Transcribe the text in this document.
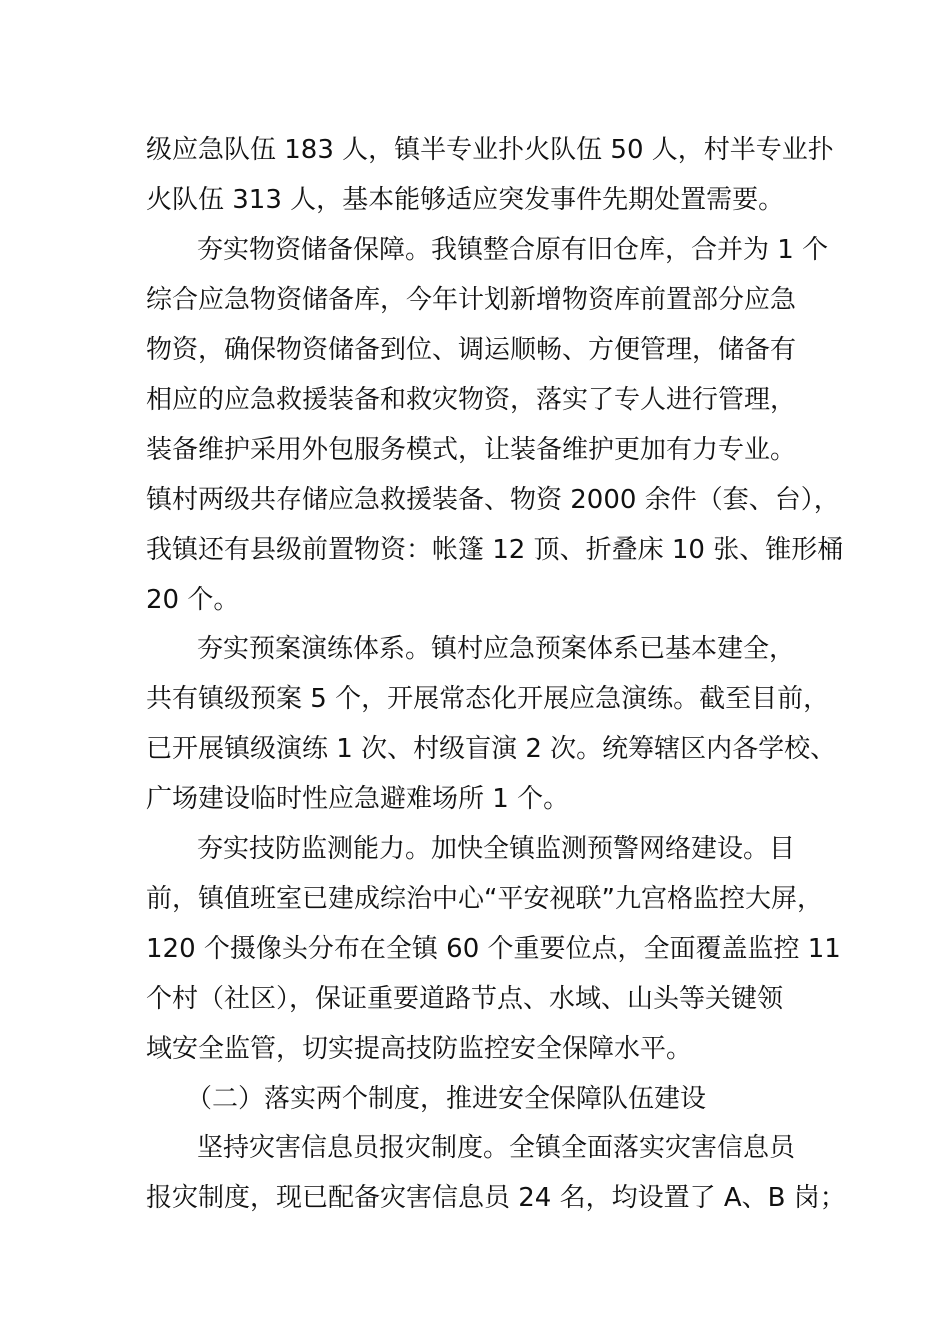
级应急队伍 183 人，镇半专业扑火队伍 50 人，村半专业扑

火队伍 313 人，基本能够适应突发事件先期处置需要。

夯实物资储备保障。我镇整合原有旧仓库，合并为 1 个

综合应急物资储备库，今年计划新增物资库前置部分应急

物资，确保物资储备到位、调运顺畅、方便管理，储备有

相应的应急救援装备和救灾物资，落实了专人进行管理，

装备维护采用外包服务模式，让装备维护更加有力专业。

镇村两级共存储应急救援装备、物资 2000 余件（套、台），

我镇还有县级前置物资：帐篷 12 顶、折叠床 10 张、锥形桶

20 个。

夯实预案演练体系。镇村应急预案体系已基本建全，

共有镇级预案 5 个，开展常态化开展应急演练。截至目前，

已开展镇级演练 1 次、村级盲演 2 次。统筹辖区内各学校、

广场建设临时性应急避难场所 1 个。

夯实技防监测能力。加快全镇监测预警网络建设。目

前，镇值班室已建成综治中心“平安视联”九宫格监控大屏，

120 个摄像头分布在全镇 60 个重要位点，全面覆盖监控 11

个村（社区），保证重要道路节点、水域、山头等关键领

域安全监管，切实提高技防监控安全保障水平。

（二）落实两个制度，推进安全保障队伍建设

坚持灾害信息员报灾制度。全镇全面落实灾害信息员

报灾制度，现已配备灾害信息员 24 名，均设置了 A、B 岗；
